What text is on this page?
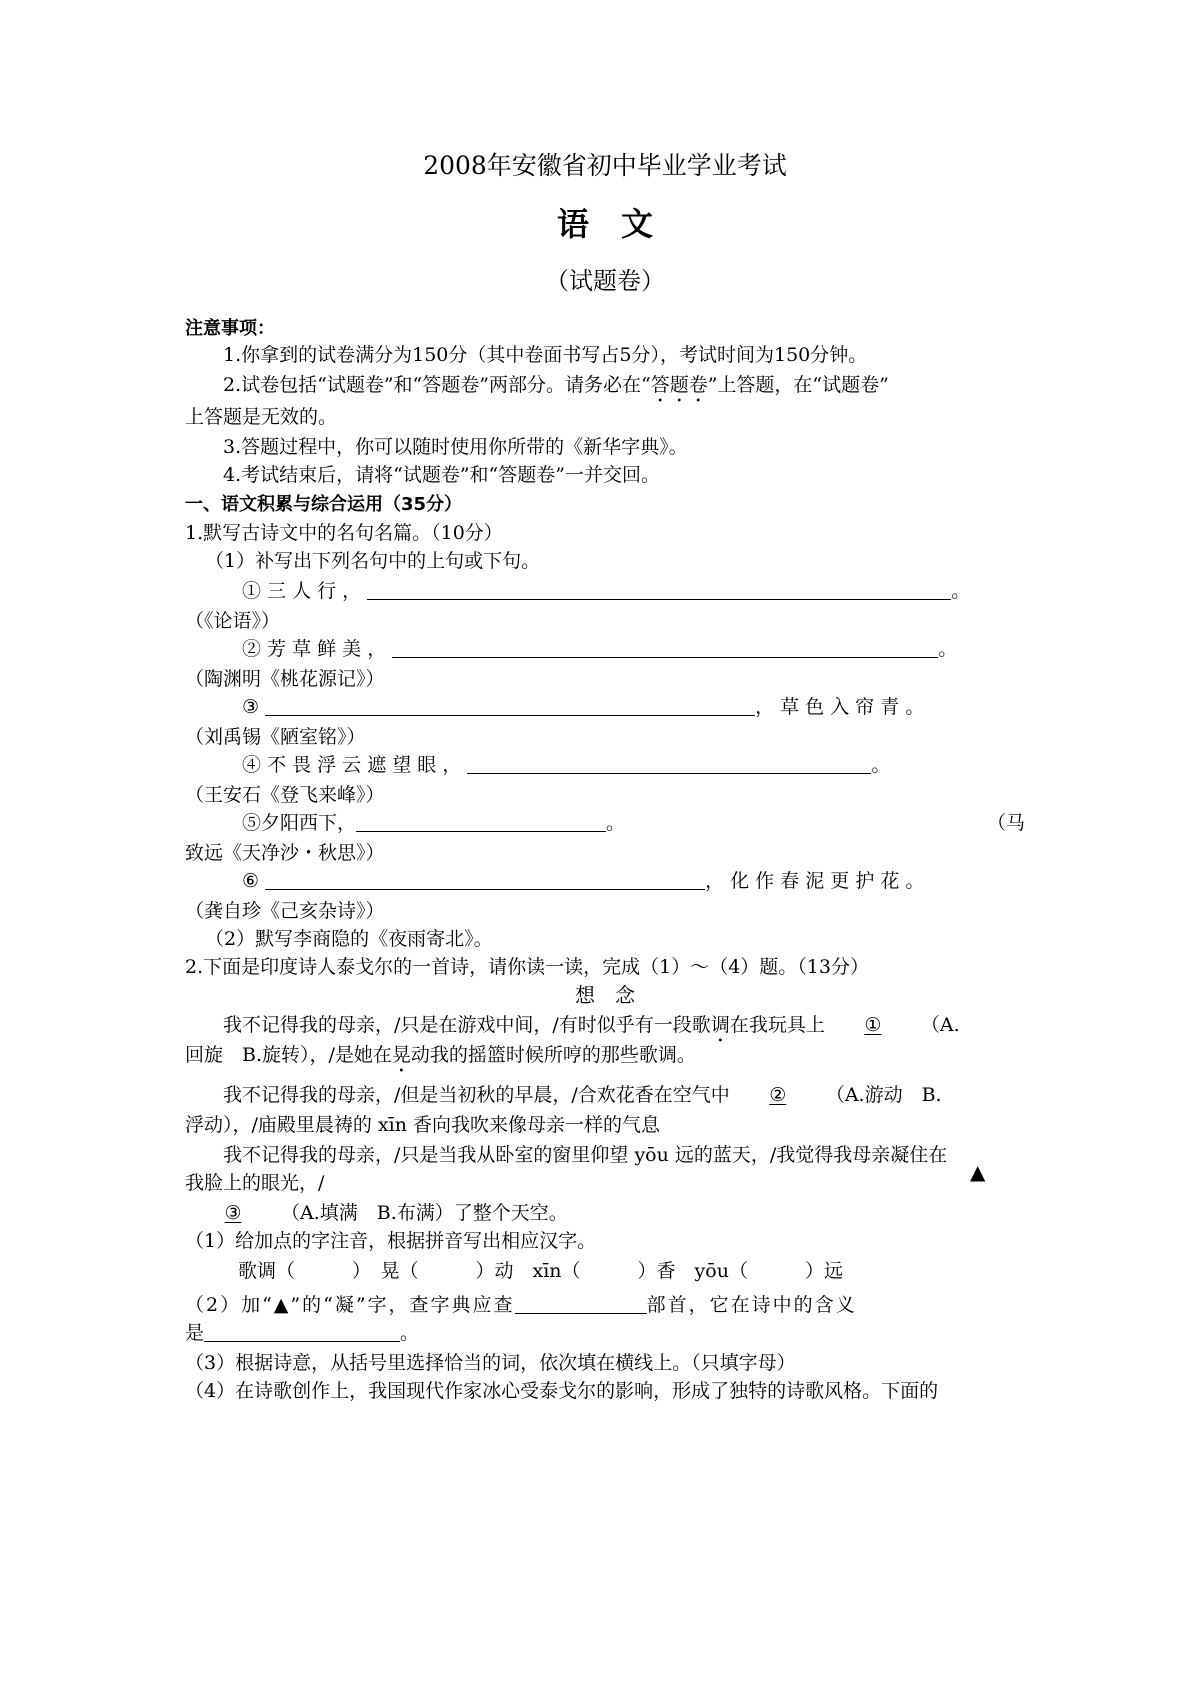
2008年安徽省初中毕业学业考试
语　文
（试题卷）
注意事项：
1.你拿到的试卷满分为150分（其中卷面书写占5分），考试时间为150分钟。
2.试卷包括“试题卷”和“答题卷”两部分。请务必在“答题卷”上答题，在“试题卷”
上答题是无效的。
3.答题过程中，你可以随时使用你所带的《新华字典》。
4.考试结束后，请将“试题卷”和“答题卷”一并交回。
一、语文积累与综合运用（35分）
1.默写古诗文中的名句名篇。（10分）
（1）补写出下列名句中的上句或下句。
① 三 人 行 ，	。
（《论语》）
② 芳 草 鲜 美 ，	。
（陶渊明《桃花源记》）
③	， 草 色 入 帘 青 。
（刘禹锡《陋室铭》）
④ 不 畏 浮 云 遮 望 眼 ，	。
（王安石《登飞来峰》）
⑤夕阳西下，	。	（马
致远《天净沙・秋思》）
⑥	， 化 作 春 泥 更 护 花 。
（龚自珍《己亥杂诗》）
（2）默写李商隐的《夜雨寄北》。
2.下面是印度诗人泰戈尔的一首诗，请你读一读，完成（1）～（4）题。（13分）
想　念
我不记得我的母亲，/只是在游戏中间，/有时似乎有一段歌调在我玩具上 ① （A.
回旋　B.旋转），/是她在晃动我的摇篮时候所哼的那些歌调。
我不记得我的母亲，/但是当初秋的早晨，/合欢花香在空气中 ② （A.游动　B.
浮动），/庙殿里晨祷的 xīn 香向我吹来像母亲一样的气息
我不记得我的母亲，/只是当我从卧室的窗里仰望 yōu 远的蓝天，/我觉得我母亲凝住在
我脸上的眼光，/	▲
③ （A.填满　B.布满）了整个天空。
（1）给加点的字注音，根据拼音写出相应汉字。
歌调（　　　）　晃（　　　）动　xīn（　　　）香　yōu（　　　）远
（2）加“▲”的“凝”字，查字典应查	部首，它在诗中的含义
是	。
（3）根据诗意，从括号里选择恰当的词，依次填在横线上。（只填字母）
（4）在诗歌创作上，我国现代作家冰心受泰戈尔的影响，形成了独特的诗歌风格。下面的
